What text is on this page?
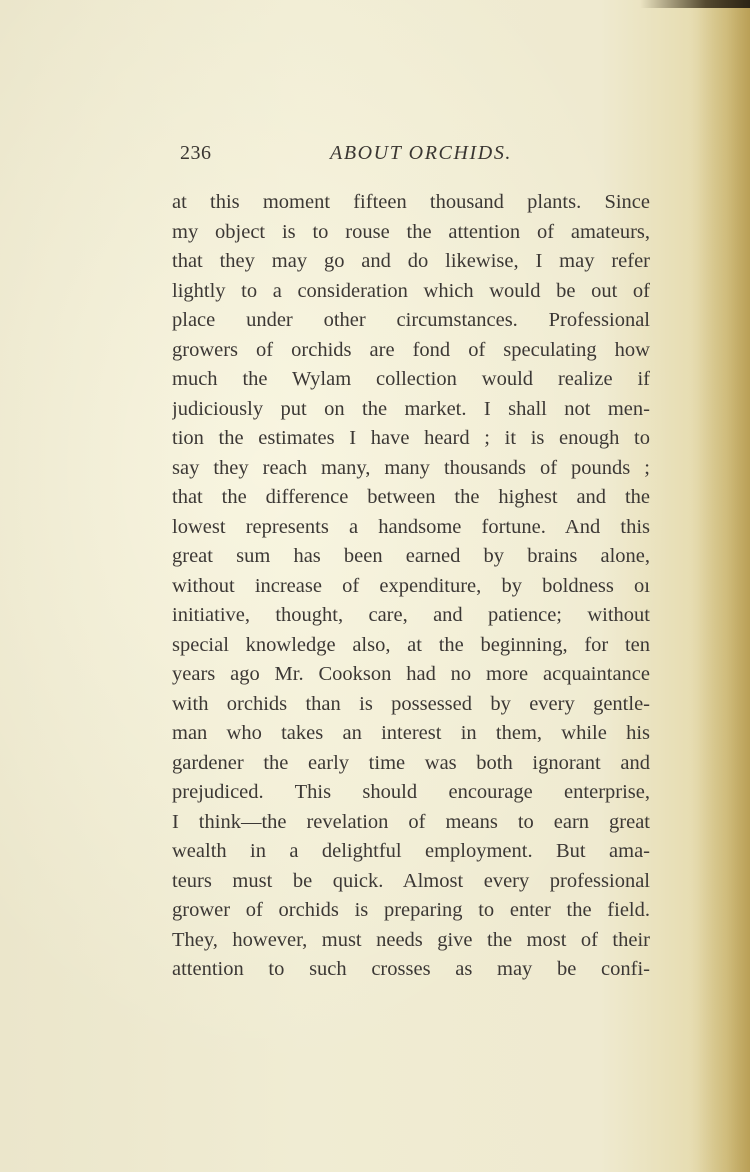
236	ABOUT ORCHIDS.
at this moment fifteen thousand plants. Since
my object is to rouse the attention of amateurs,
that they may go and do likewise, I may refer
lightly to a consideration which would be out of
place under other circumstances. Professional
growers of orchids are fond of speculating how
much the Wylam collection would realize if
judiciously put on the market. I shall not men-
tion the estimates I have heard ; it is enough to
say they reach many, many thousands of pounds ;
that the difference between the highest and the
lowest represents a handsome fortune. And this
great sum has been earned by brains alone,
without increase of expenditure, by boldness oı
initiative, thought, care, and patience; without
special knowledge also, at the beginning, for ten
years ago Mr. Cookson had no more acquaintance
with orchids than is possessed by every gentle-
man who takes an interest in them, while his
gardener the early time was both ignorant and
prejudiced. This should encourage enterprise,
I think—the revelation of means to earn great
wealth in a delightful employment. But ama-
teurs must be quick. Almost every professional
grower of orchids is preparing to enter the field.
They, however, must needs give the most of their
attention to such crosses as may be confi-
